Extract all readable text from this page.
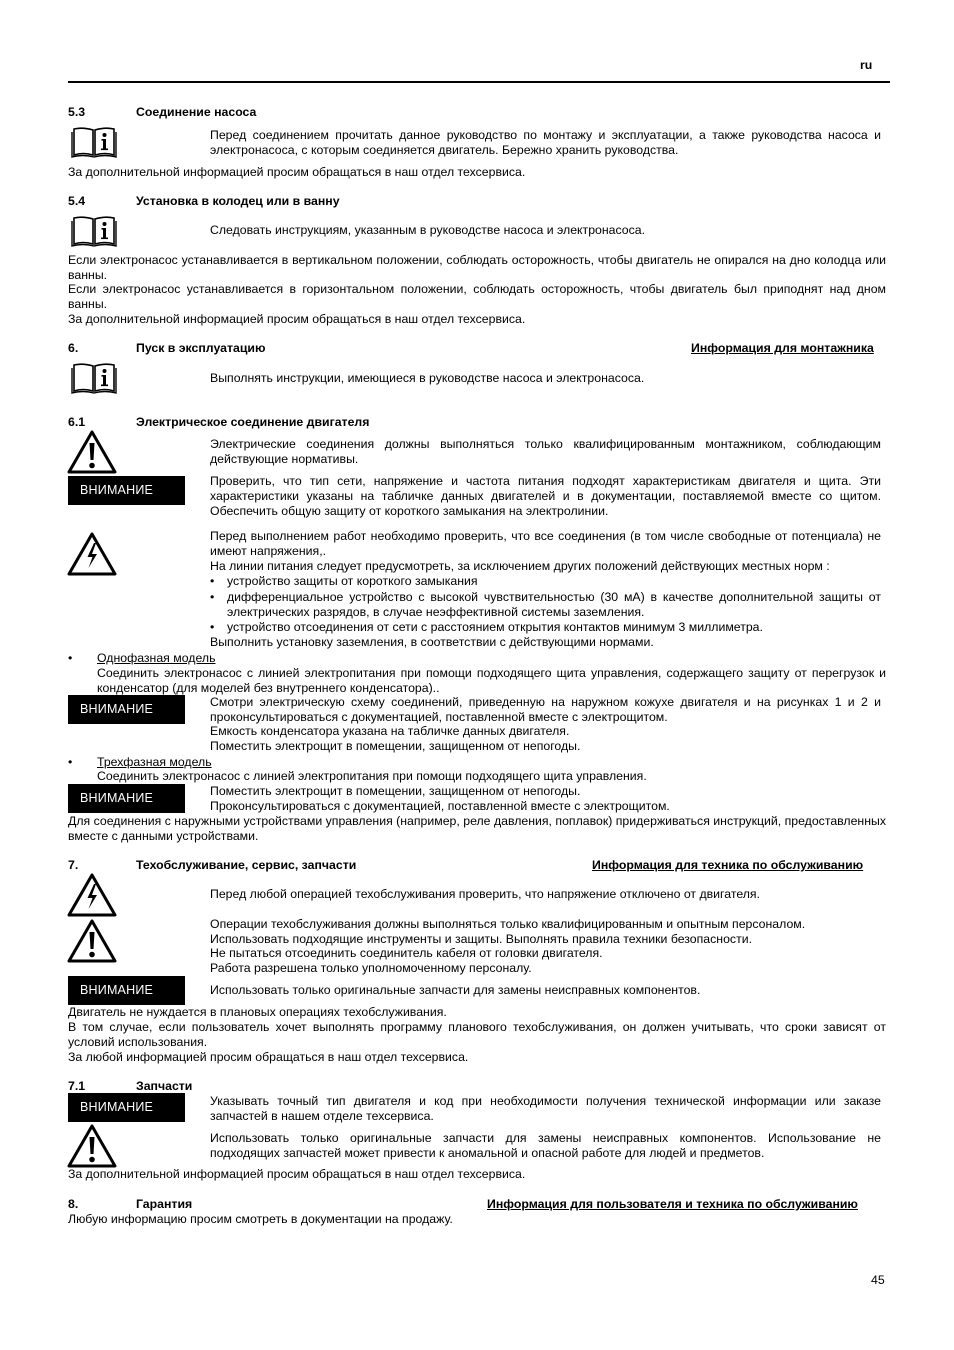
ru
5.3	Соединение насоса
Перед соединением прочитать данное руководство по монтажу и эксплуатации, а также руководства насоса и электронасоса, с которым соединяется двигатель. Бережно хранить руководства.
За дополнительной информацией просим обращаться в наш отдел техсервиса.
5.4	Установка в колодец или в ванну
Следовать инструкциям, указанным в руководстве насоса и электронасоса.
Если электронасос устанавливается в вертикальном положении, соблюдать осторожность, чтобы двигатель не опирался на дно колодца или ванны.
Если электронасос устанавливается в горизонтальном положении, соблюдать осторожность, чтобы двигатель был приподнят над дном ванны.
За дополнительной информацией просим обращаться в наш отдел техсервиса.
6.	Пуск в эксплуатацию	Информация для монтажника
Выполнять инструкции, имеющиеся в руководстве насоса и электронасоса.
6.1	Электрическое соединение двигателя
ВНИМАНИЕ
Электрические соединения должны выполняться только квалифицированным монтажником, соблюдающим действующие нормативы.
Проверить, что тип сети, напряжение и частота питания подходят характеристикам двигателя и щита. Эти характеристики указаны на табличке данных двигателей и в документации, поставляемой вместе со щитом. Обеспечить общую защиту от короткого замыкания на электролинии.
Перед выполнением работ необходимо проверить, что все соединения (в том числе свободные от потенциала) не имеют напряжения,.
На линии питания следует предусмотреть, за исключением других положений действующих местных норм :
• устройство защиты от короткого замыкания
• дифференциальное устройство с высокой чувствительностью (30 мА) в качестве дополнительной защиты от электрических разрядов, в случае неэффективной системы заземления.
• устройство отсоединения от сети с расстоянием открытия контактов минимум 3 миллиметра.
Выполнить установку заземления, в соответствии с действующими нормами.
• Однофазная модель
Соединить электронасос с линией электропитания при помощи подходящего щита управления, содержащего защиту от перегрузок и конденсатор (для моделей без внутреннего конденсатора)..
ВНИМАНИЕ	Смотри электрическую схему соединений, приведенную на наружном кожухе двигателя и на рисунках 1 и 2 и проконсультироваться с документацией, поставленной вместе с электрощитом.
Емкость конденсатора указана на табличке данных двигателя.
Поместить электрощит в помещении, защищенном от непогоды.
• Трехфазная модель
Соединить электронасос с линией электропитания при помощи подходящего щита управления.
ВНИМАНИЕ	Поместить электрощит в помещении, защищенном от непогоды.
Проконсультироваться с документацией, поставленной вместе с электрощитом.
Для соединения с наружными устройствами управления (например, реле давления, поплавок) придерживаться инструкций, предоставленных вместе с данными устройствами.
7.	Техобслуживание, сервис, запчасти	Информация для техника по обслуживанию
Перед любой операцией техобслуживания проверить, что напряжение отключено от двигателя.
Операции техобслуживания должны выполняться только квалифицированным и опытным персоналом.
Использовать подходящие инструменты и защиты. Выполнять правила техники безопасности.
Не пытаться отсоединить соединитель кабеля от головки двигателя.
Работа разрешена только уполномоченному персоналу.
ВНИМАНИЕ	Использовать только оригинальные запчасти для замены неисправных компонентов.
Двигатель не нуждается в плановых операциях техобслуживания.
В том случае, если пользователь хочет выполнять программу планового техобслуживания, он должен учитывать, что сроки зависят от условий использования.
За любой информацией просим обращаться в наш отдел техсервиса.
7.1	Запчасти
ВНИМАНИЕ	Указывать точный тип двигателя и код при необходимости получения технической информации или заказе запчастей в нашем отделе техсервиса.
Использовать только оригинальные запчасти для замены неисправных компонентов. Использование не подходящих запчастей может привести к аномальной и опасной работе для людей и предметов.
За дополнительной информацией просим обращаться в наш отдел техсервиса.
8.	Гарантия	Информация для пользователя и техника по обслуживанию
Любую информацию просим смотреть в документации на продажу.
45
